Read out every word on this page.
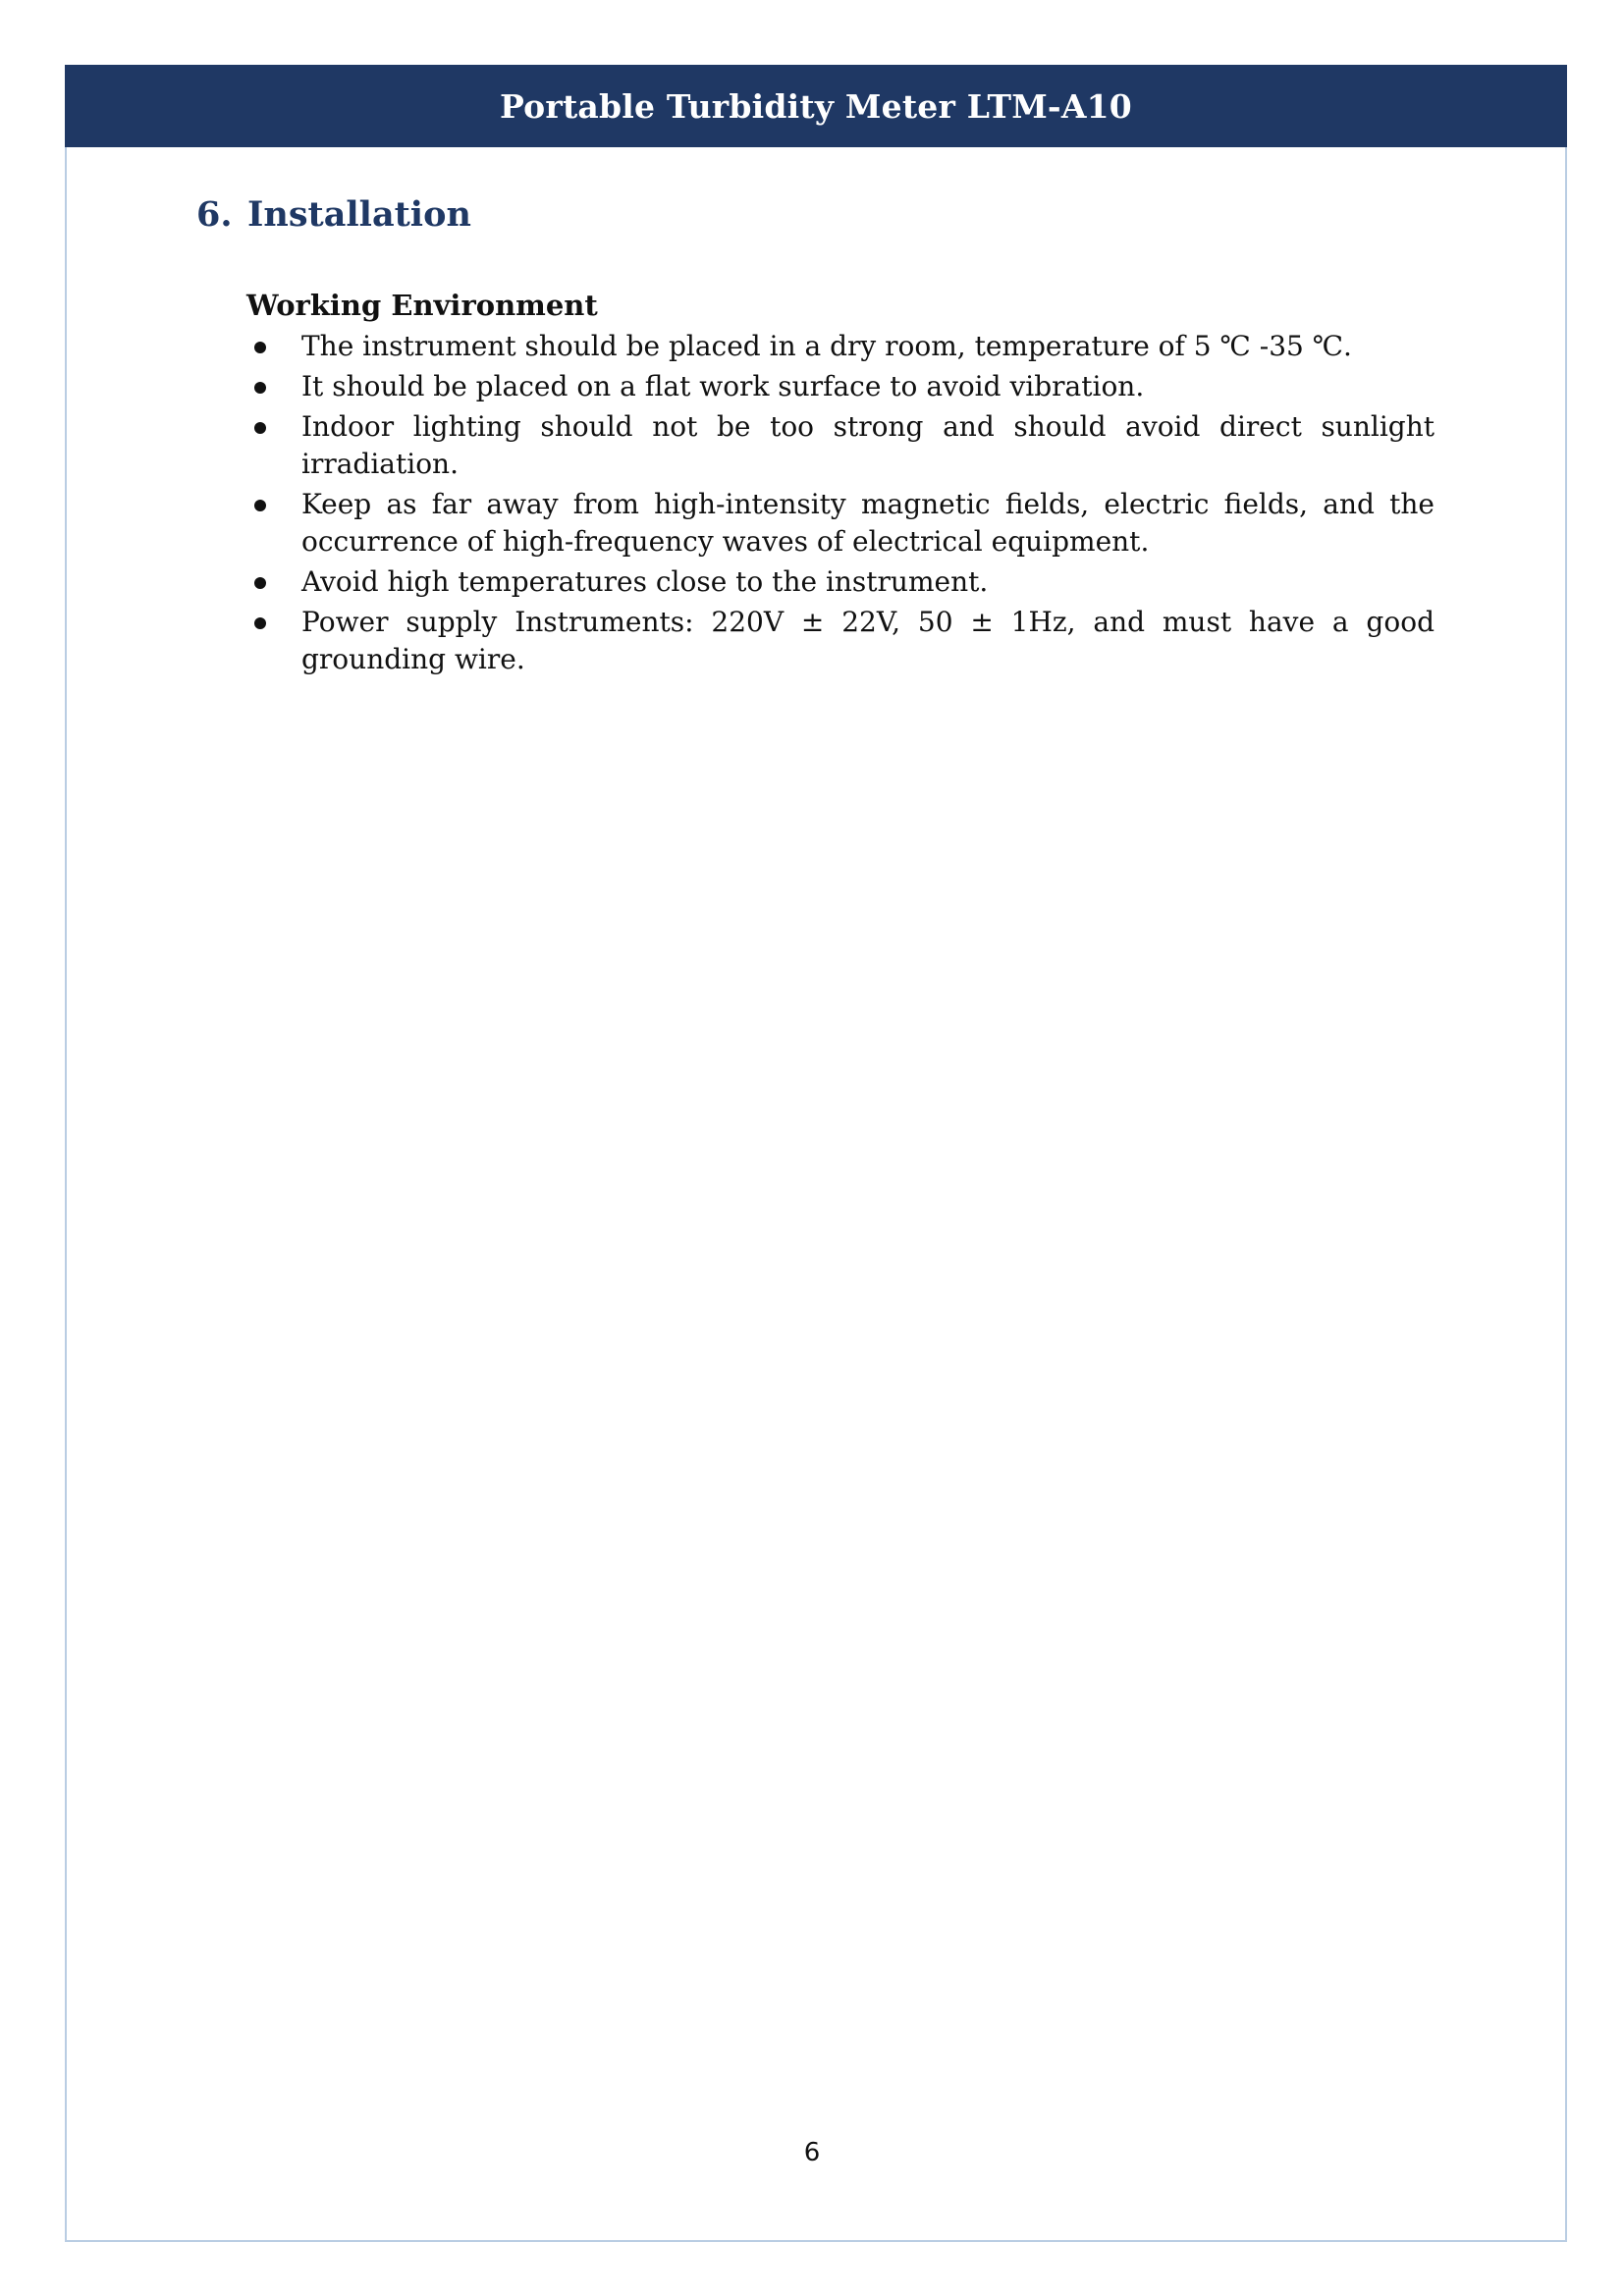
Portable Turbidity Meter LTM-A10
6. Installation
Working Environment
The instrument should be placed in a dry room, temperature of 5 ℃ -35 ℃.
It should be placed on a flat work surface to avoid vibration.
Indoor lighting should not be too strong and should avoid direct sunlight irradiation.
Keep as far away from high-intensity magnetic fields, electric fields, and the occurrence of high-frequency waves of electrical equipment.
Avoid high temperatures close to the instrument.
Power supply Instruments: 220V ± 22V, 50 ± 1Hz, and must have a good grounding wire.
6
